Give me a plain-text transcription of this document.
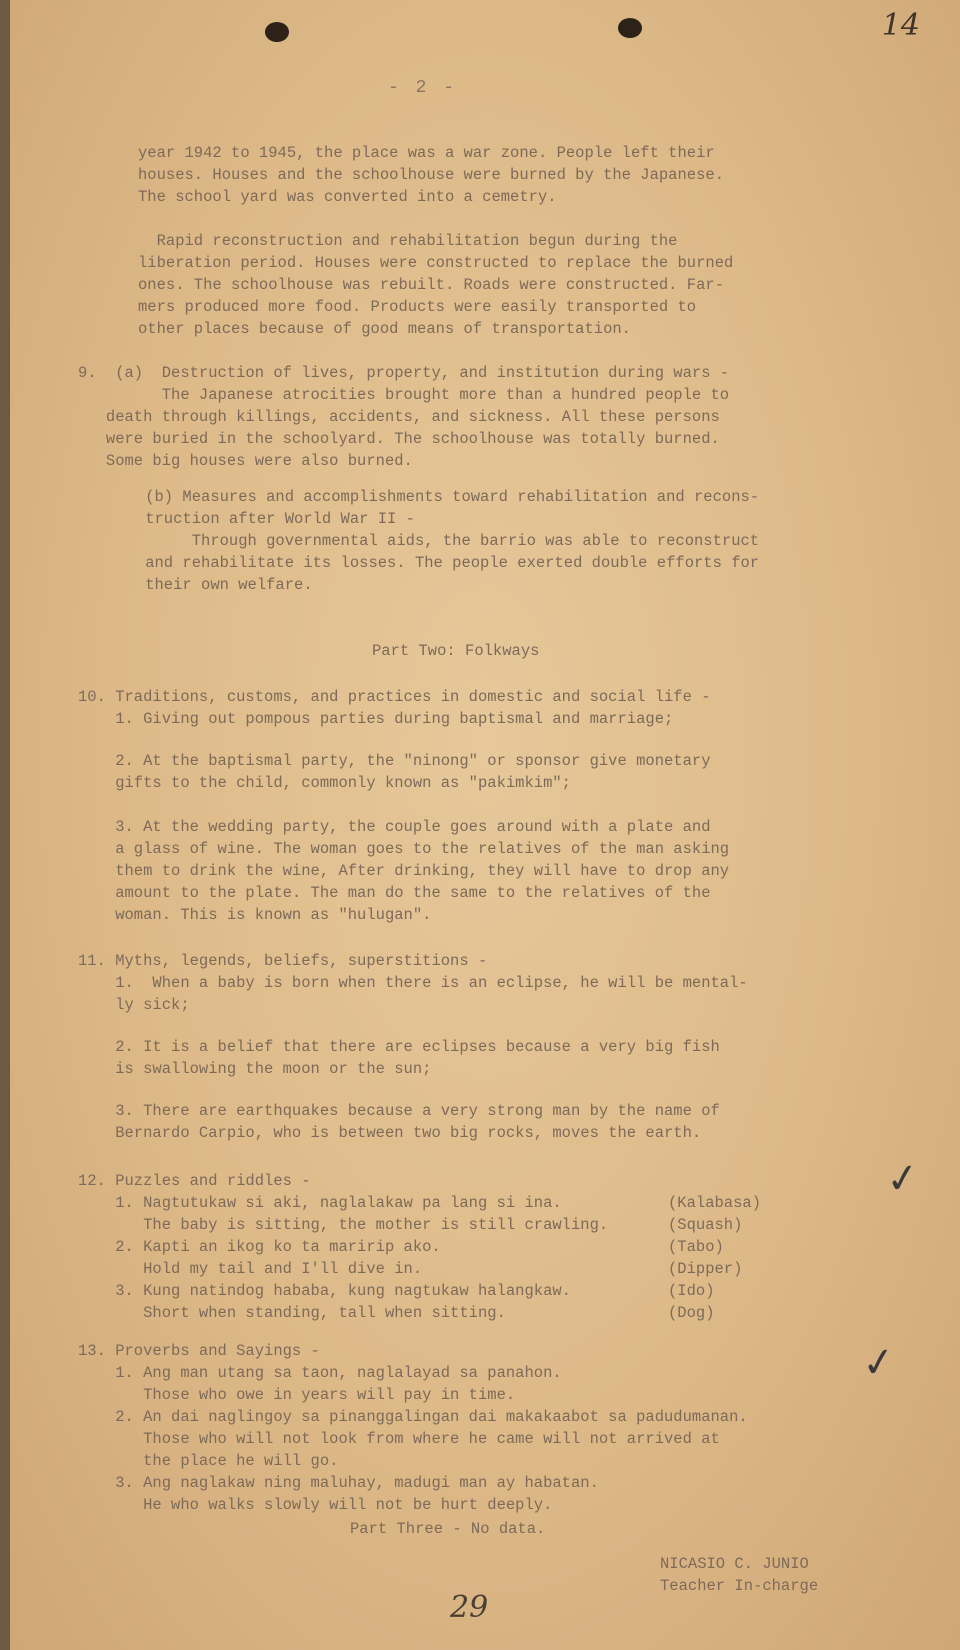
14
- 2 -
year 1942 to 1945, the place was a war zone. People left their
houses. Houses and the schoolhouse were burned by the Japanese.
The school yard was converted into a cemetry.
Rapid reconstruction and rehabilitation begun during the
liberation period. Houses were constructed to replace the burned
ones. The schoolhouse was rebuilt. Roads were constructed. Far-
mers produced more food. Products were easily transported to
other places because of good means of transportation.
9.  (a)  Destruction of lives, property, and institution during wars -
The Japanese atrocities brought more than a hundred people to
death through killings, accidents, and sickness. All these persons
were buried in the schoolyard. The schoolhouse was totally burned.
Some big houses were also burned.
(b) Measures and accomplishments toward rehabilitation and recons-
truction after World War II -
Through governmental aids, the barrio was able to reconstruct
and rehabilitate its losses. The people exerted double efforts for
their own welfare.
Part Two: Folkways
10. Traditions, customs, and practices in domestic and social life -
1. Giving out pompous parties during baptismal and marriage;
2. At the baptismal party, the "ninong" or sponsor give monetary
gifts to the child, commonly known as "pakimkim";
3. At the wedding party, the couple goes around with a plate and
a glass of wine. The woman goes to the relatives of the man asking
them to drink the wine, After drinking, they will have to drop any
amount to the plate. The man do the same to the relatives of the
woman. This is known as "hulugan".
11. Myths, legends, beliefs, superstitions -
1.  When a baby is born when there is an eclipse, he will be mental-
ly sick;
2. It is a belief that there are eclipses because a very big fish
is swallowing the moon or the sun;
3. There are earthquakes because a very strong man by the name of
Bernardo Carpio, who is between two big rocks, moves the earth.
12. Puzzles and riddles -
1. Nagtutukaw si aki, naglalakaw pa lang si ina.	(Kalabasa)
The baby is sitting, the mother is still crawling.	(Squash)
2. Kapti an ikog ko ta maririp ako.	(Tabo)
Hold my tail and I'll dive in.	(Dipper)
3. Kung natindog hababa, kung nagtukaw halangkaw.	(Ido)
Short when standing, tall when sitting.	(Dog)
✓
13. Proverbs and Sayings -
1. Ang man utang sa taon, naglalayad sa panahon.
Those who owe in years will pay in time.
2. An dai naglingoy sa pinanggalingan dai makakaabot sa padudumanan.
Those who will not look from where he came will not arrived at
the place he will go.
3. Ang naglakaw ning maluhay, madugi man ay habatan.
He who walks slowly will not be hurt deeply.
✓
Part Three - No data.
NICASIO C. JUNIO
Teacher In-charge
29
